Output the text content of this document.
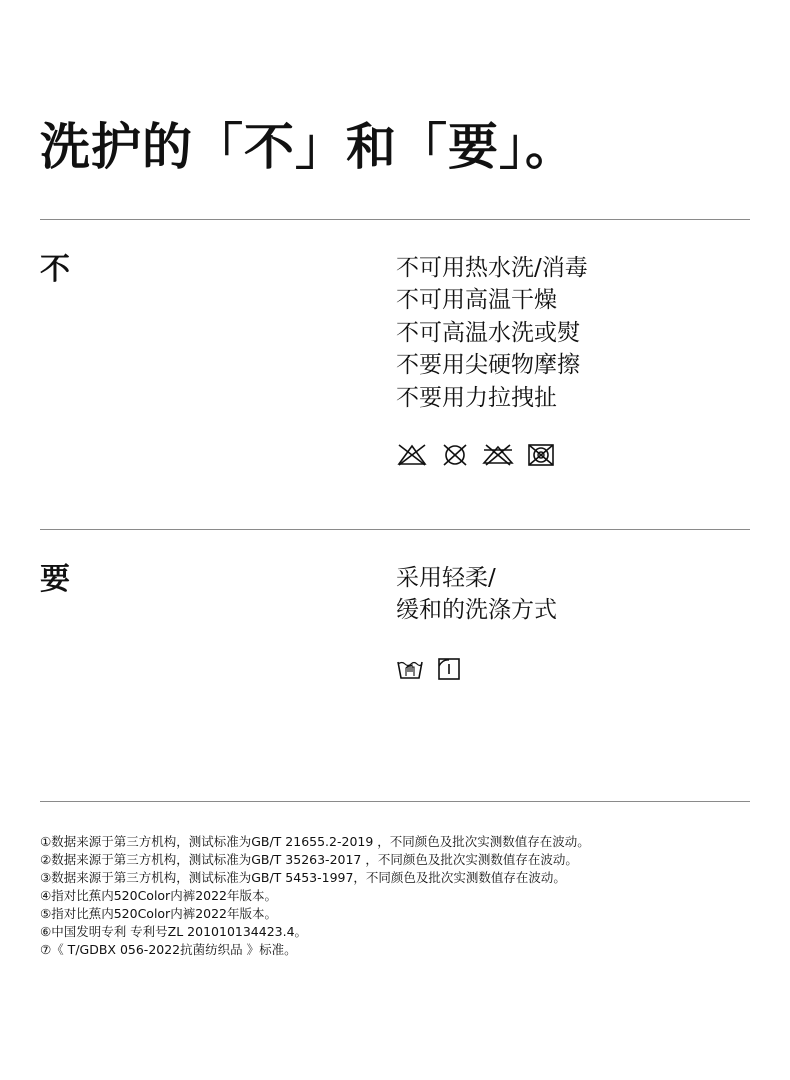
洗护的「不」和「要」。
不	不可用热水洗/消毒
不可用高温干燥
不可高温水洗或熨
不要用尖硬物摩擦
不要用力拉拽扯
要	采用轻柔/
缓和的洗涤方式
①数据来源于第三方机构，测试标准为GB/T 21655.2-2019 ，不同颜色及批次实测数值存在波动。
②数据来源于第三方机构，测试标准为GB/T 35263-2017 ，不同颜色及批次实测数值存在波动。
③数据来源于第三方机构，测试标准为GB/T 5453-1997，不同颜色及批次实测数值存在波动。
④指对比蕉内520Color内裤2022年版本。
⑤指对比蕉内520Color内裤2022年版本。
⑥中国发明专利 专利号ZL 201010134423.4。
⑦《 T/GDBX 056-2022抗菌纺织品 》标准。
